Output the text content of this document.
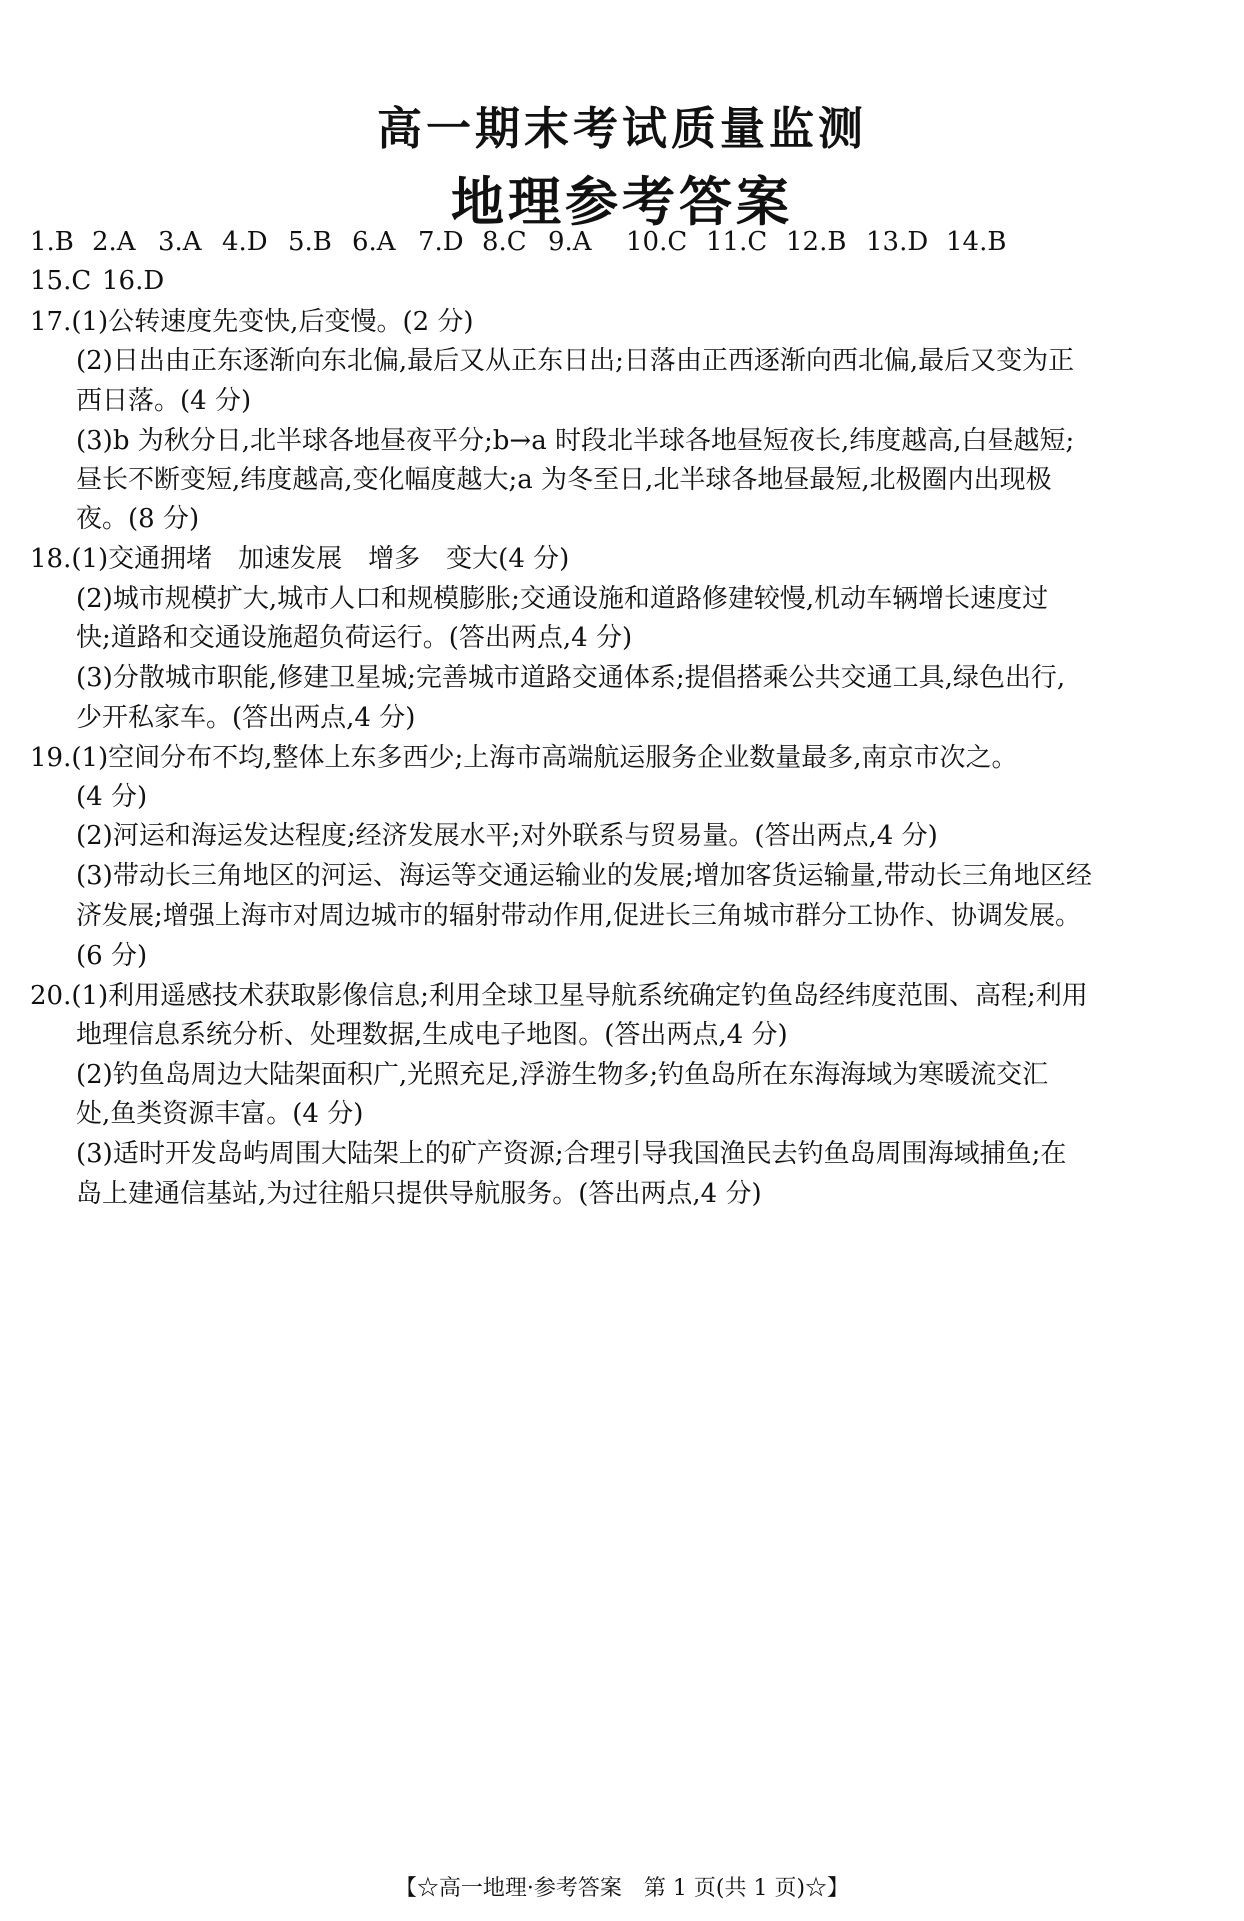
高一期末考试质量监测
地理参考答案
1.B 2.A 3.A 4.D 5.B 6.A 7.D 8.C 9.A 10.C 11.C 12.B 13.D 14.B
15.C 16.D
17.(1)公转速度先变快,后变慢。(2 分)
(2)日出由正东逐渐向东北偏,最后又从正东日出;日落由正西逐渐向西北偏,最后又变为正
西日落。(4 分)
(3)b 为秋分日,北半球各地昼夜平分;b→a 时段北半球各地昼短夜长,纬度越高,白昼越短;
昼长不断变短,纬度越高,变化幅度越大;a 为冬至日,北半球各地昼最短,北极圈内出现极
夜。(8 分)
18.(1)交通拥堵　加速发展　增多　变大(4 分)
(2)城市规模扩大,城市人口和规模膨胀;交通设施和道路修建较慢,机动车辆增长速度过
快;道路和交通设施超负荷运行。(答出两点,4 分)
(3)分散城市职能,修建卫星城;完善城市道路交通体系;提倡搭乘公共交通工具,绿色出行,
少开私家车。(答出两点,4 分)
19.(1)空间分布不均,整体上东多西少;上海市高端航运服务企业数量最多,南京市次之。
(4 分)
(2)河运和海运发达程度;经济发展水平;对外联系与贸易量。(答出两点,4 分)
(3)带动长三角地区的河运、海运等交通运输业的发展;增加客货运输量,带动长三角地区经
济发展;增强上海市对周边城市的辐射带动作用,促进长三角城市群分工协作、协调发展。
(6 分)
20.(1)利用遥感技术获取影像信息;利用全球卫星导航系统确定钓鱼岛经纬度范围、高程;利用
地理信息系统分析、处理数据,生成电子地图。(答出两点,4 分)
(2)钓鱼岛周边大陆架面积广,光照充足,浮游生物多;钓鱼岛所在东海海域为寒暖流交汇
处,鱼类资源丰富。(4 分)
(3)适时开发岛屿周围大陆架上的矿产资源;合理引导我国渔民去钓鱼岛周围海域捕鱼;在
岛上建通信基站,为过往船只提供导航服务。(答出两点,4 分)
【☆高一地理·参考答案　第 1 页(共 1 页)☆】
